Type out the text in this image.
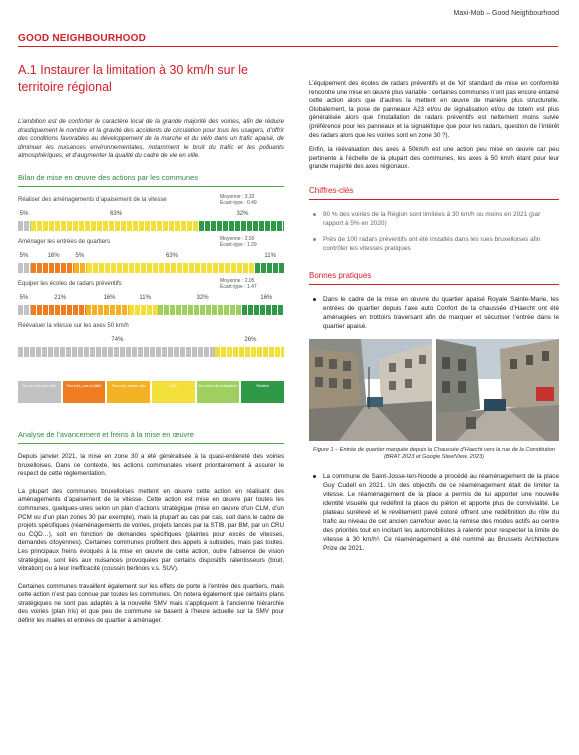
Maxi-Mob – Good Neighbourhood
GOOD NEIGHBOURHOOD
A.1 Instaurer la limitation à 30 km/h sur le territoire régional
L’ambition est de conforter le caractère local de la grande majorité des voiries, afin de réduire drastiquement le nombre et la gravité des accidents de circulation pour tous les usagers, d’offrir des conditions favorables au développement de la marche et du vélo dans un trafic apaisé, de diminuer les nuisances environnementales, notamment le bruit du trafic et les polluants atmosphériques, et d’augmenter la qualité du cadre de vie en ville.
Bilan de mise en œuvre des actions par les communes
Nul ou très peu utile	Pas très, pas d'utilité	Pas mal, assez utile	Utile	En cours de réalisation	Réalisé
Réaliser des aménagements d’apaisement de la vitesse	Moyenne : 3.33
Écart-type : 0.49
5%	63%	32%
Aménager les entrées de quartiers	Moyenne : 2.50
Écart-type : 1.29
5%	16%	5%	63%	11%
Equiper les écoles de radars préventifs	Moyenne : 2.05
Écart-type : 1.47
5%	21%	16%	11%	32%	16%
Réévaluer la vitesse sur les axes 50 km/h
74%	26%
Analyse de l’avancement et freins à la mise en œuvre
Depuis janvier 2021, la mise en zone 30 a été généralisée à la quasi-entièreté des voiries bruxelloises. Dans ce contexte, les actions communales visent prioritairement à assurer le respect de cette réglementation.
La plupart des communes bruxelloises mettent en œuvre cette action en réalisant des aménagements d’apaisement de la vitesse. Cette action est mise en œuvre par toutes les communes, quelques-unes selon un plan d’actions stratégique (mise en œuvre d’un CLM, d’un PCM ou d’un plan zones 30 par exemple), mais la plupart au cas par cas, soit dans le cadre de projets spécifiques (réaménagements de voiries, projets lancés par la STIB, par BM, par un CRU ou CQD…), soit en fonction de demandes spécifiques (plaintes pour excès de vitesses, demandes citoyennes). Certaines communes profitent des appels à subsides, mais pas toutes. Les principaux freins évoqués à la mise en œuvre de cette action, outre l’absence de vision stratégique, sont liés aux nuisances provoquées par certains dispositifs ralentisseurs (bruit, vibration) ou à leur inefficacité (coussin berlinois v.s. SUV).
Certaines communes travaillent également sur les effets de porte à l’entrée des quartiers, mais cette action n’est pas connue par toutes les communes. On notera également que certains plans stratégiques ne sont pas adaptés à la nouvelle SMV mais s’appliquent à l’ancienne hiérarchie des voiries (plan Iris) et que peu de commune se basent à l’heure actuelle sur la SMV pour définir les mailles et entrées de quartier à aménager.
L’équipement des écoles de radars préventifs et de ‘kit’ standard de mise en conformité rencontre une mise en œuvre plus variable : certaines communes n’ont pas encore entamé cette action alors que d’autres la mettent en œuvre de manière plus structurelle. Globalement, la pose de panneaux A23 et/ou de signalisation et/ou de totem est plus généralisée alors que l’installation de radars préventifs est nettement moins suivie (préférence pour les panneaux et la signalétique que pour les radars, question de l’intérêt des radars alors que les voiries sont en zone 30 ?).
Enfin, la réévaluation des axes à 50km/h est une action peu mise en œuvre car peu pertinente à l’échelle de la plupart des communes, les axes à 50 km/h étant pour leur grande majorité des axes régionaux.
Chiffres-clés
90 % des voiries de la Région sont limitées à 30 km/h ou moins en 2021 (par rapport à 5% en 2020)
Près de 100 radars préventifs ont été installés dans les rues bruxelloises afin contrôler les vitesses pratiques
Bonnes pratiques
Dans le cadre de la mise en œuvre du quartier apaisé Royale Sainte-Marie, les entrées de quartier depuis l’axe auto Confort de la chaussée d’Haecht ont été aménagées en trottoirs traversant afin de marquer et sécuriser l’entrée dans le quartier apaisé.
Figure 1 – Entrée de quartier marquée depuis la Chaussée d’Haecht vers la rue de la Constitution (BRAT 2023 et Google SteetView, 2023)
La commune de Saint-Josse-ten-Noode a procédé au réaménagement de la place Guy Cudell en 2021. Un des objectifs de ce réaménagement était de limiter la vitesse. Le réaménagement de la place a permis de lui apporter une nouvelle identité visuelle qui redéfinit la place du piéton et apporte plus de convivialité. Le plateau surélevé et le revêtement pavé coloré offrent une redéfinition du rôle du trafic au niveau de cet ancien carrefour avec la remise des modes actifs au centre des priorités tout en incitant les automobilistes à ralentir pour respecter la limite de vitesse à 30 km/h³. Ce réaménagement a été nommé au Brussels Architecture Prize de 2021.
